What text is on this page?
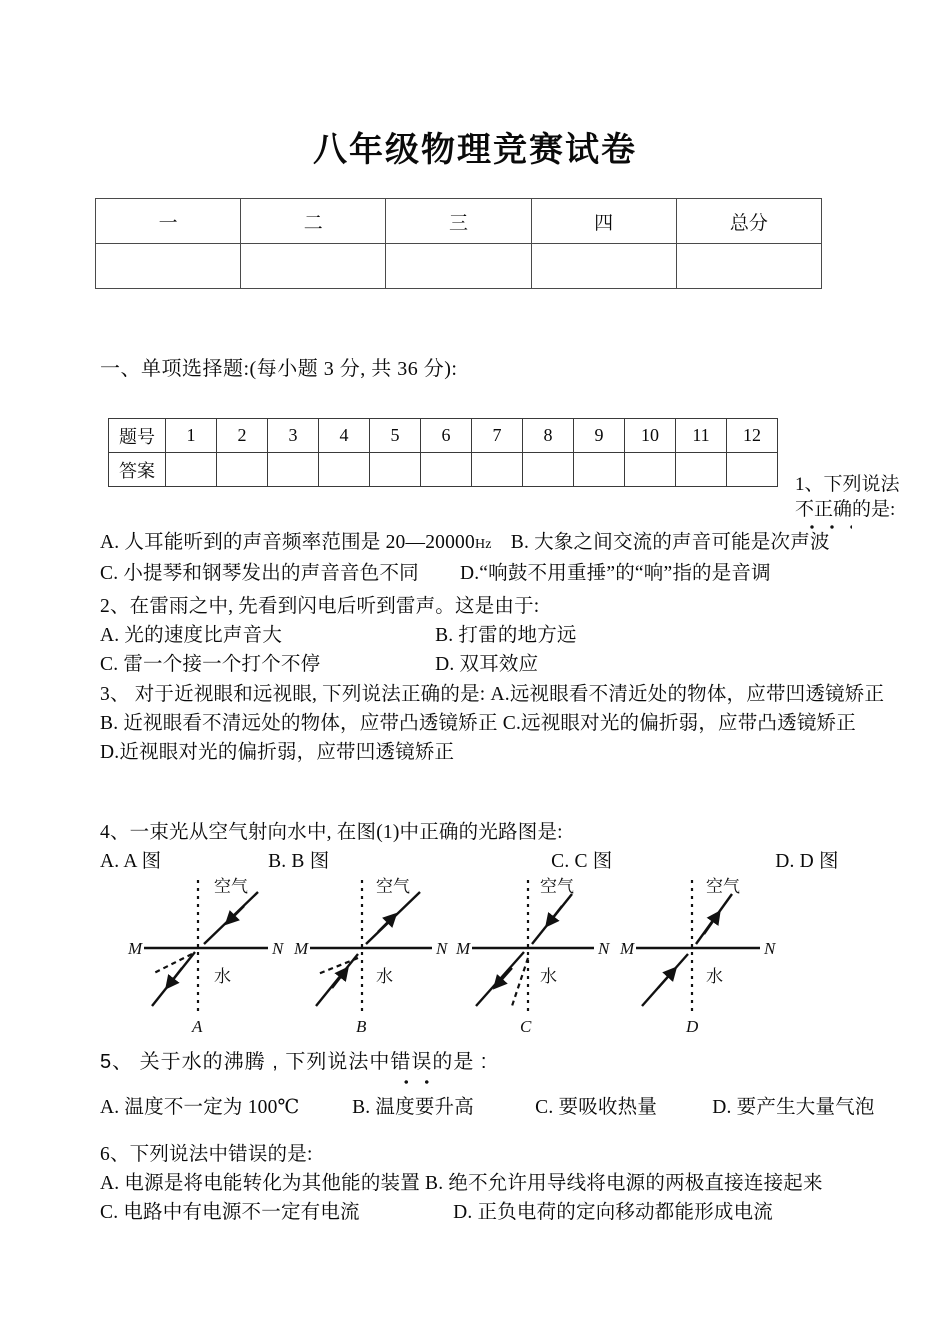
八年级物理竞赛试卷
一	二	三	四	总分

一、单项选择题:(每小题 3 分, 共 36 分):
题号	1	2	3	4	5	6	7	8	9	10	11	12
答案												
1、下列说法不正确的是:
A. 人耳能听到的声音频率范围是 20—20000Hz B. 大象之间交流的声音可能是次声波
C. 小提琴和钢琴发出的声音音色不同 D.“响鼓不用重捶”的“响”指的是音调
2、在雷雨之中, 先看到闪电后听到雷声。这是由于:
A. 光的速度比声音大	B. 打雷的地方远
C. 雷一个接一个打个不停	D. 双耳效应
3、 对于近视眼和远视眼, 下列说法正确的是: A.远视眼看不清近处的物体，应带凹透镜矫正 B. 近视眼看不清远处的物体，应带凸透镜矫正 C.远视眼对光的偏折弱，应带凸透镜矫正 D.近视眼对光的偏折弱，应带凹透镜矫正
4、一束光从空气射向水中, 在图(1)中正确的光路图是:
A. A 图	B. B 图	C. C 图	D. D 图
M	N
空气
水
A
M	N
空气
水
B
M	N
空气
水
C
M	N
空气
水
D
5、 关于水的沸腾 , 下列说法中错误的是 :
A. 温度不一定为 100℃	B. 温度要升高	C. 要吸收热量	D. 要产生大量气泡
6、下列说法中错误的是:
A. 电源是将电能转化为其他能的装置 B. 绝不允许用导线将电源的两极直接连接起来
C. 电路中有电源不一定有电流	D. 正负电荷的定向移动都能形成电流
